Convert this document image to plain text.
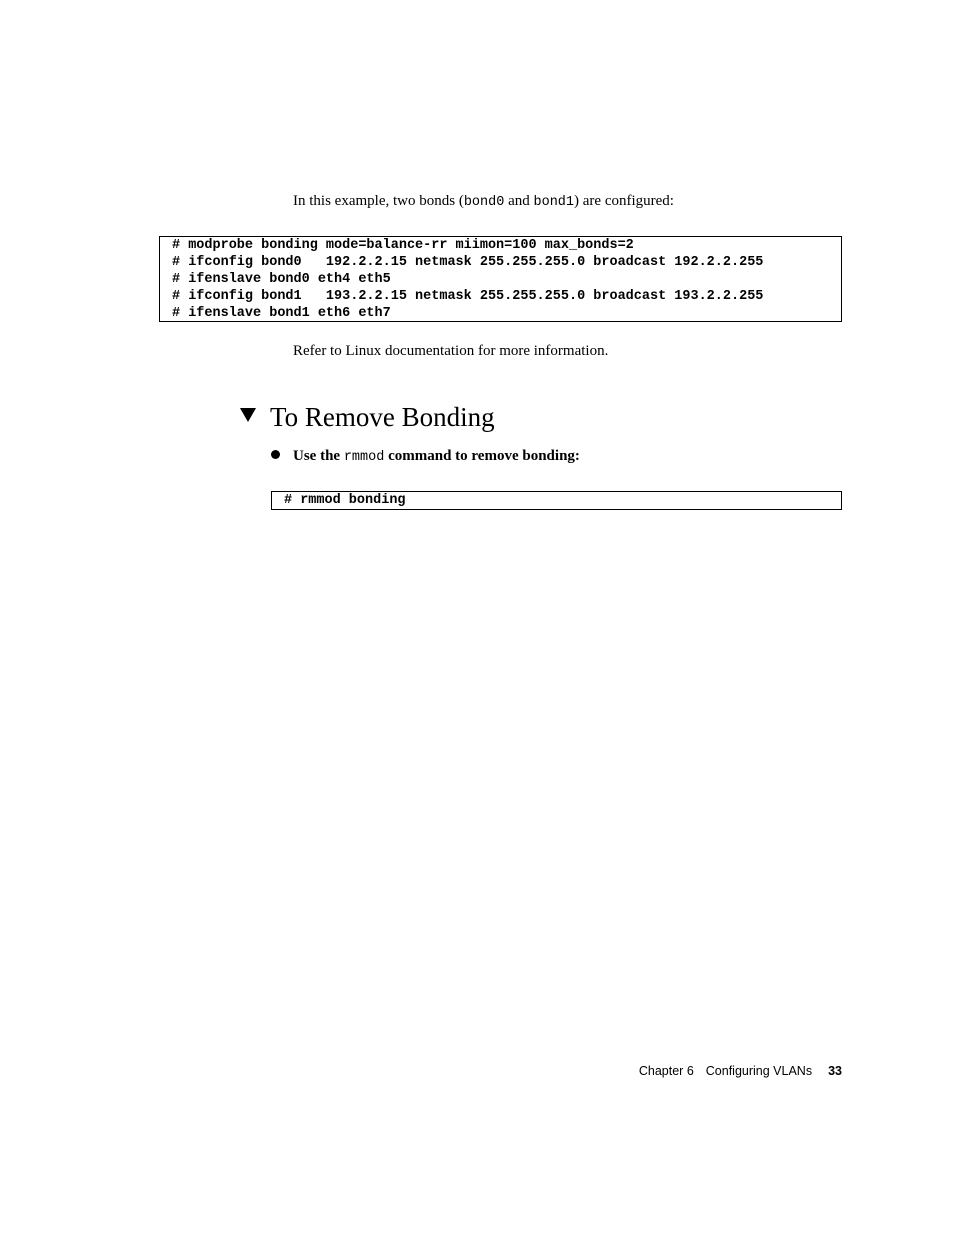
In this example, two bonds (bond0 and bond1) are configured:
# modprobe bonding mode=balance-rr miimon=100 max_bonds=2
# ifconfig bond0   192.2.2.15 netmask 255.255.255.0 broadcast 192.2.2.255
# ifenslave bond0 eth4 eth5
# ifconfig bond1   193.2.2.15 netmask 255.255.255.0 broadcast 193.2.2.255
# ifenslave bond1 eth6 eth7
Refer to Linux documentation for more information.
To Remove Bonding
Use the rmmod command to remove bonding:
# rmmod bonding
Chapter 6 Configuring VLANs 33
